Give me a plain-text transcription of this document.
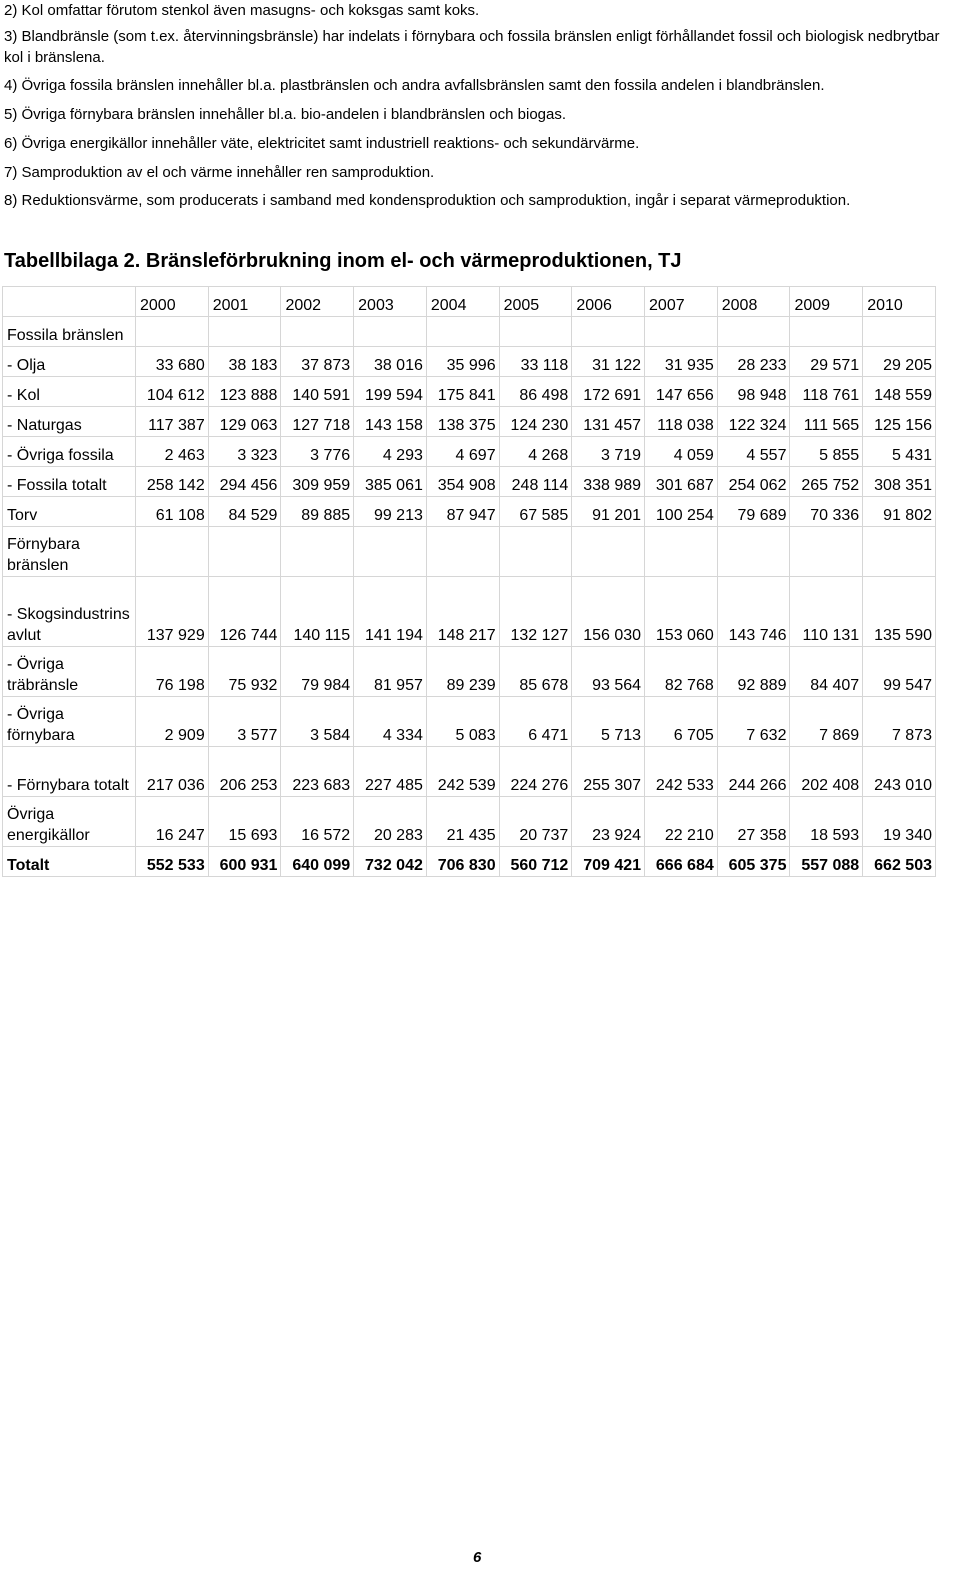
2) Kol omfattar förutom stenkol även masugns- och koksgas samt koks.

3) Blandbränsle (som t.ex. återvinningsbränsle) har indelats i förnybara och fossila bränslen enligt förhållandet fossil och biologisk nedbrytbar kol i bränslena.

4) Övriga fossila bränslen innehåller bl.a. plastbränslen och andra avfallsbränslen samt den fossila andelen i blandbränslen.

5) Övriga förnybara bränslen innehåller bl.a. bio-andelen i blandbränslen och biogas.

6) Övriga energikällor innehåller väte, elektricitet samt industriell reaktions- och sekundärvärme.

7) Samproduktion av el och värme innehåller ren samproduktion.

8) Reduktionsvärme, som producerats i samband med kondensproduktion och samproduktion, ingår i separat värmeproduktion.

Tabellbilaga 2. Bränsleförbrukning inom el- och värmeproduktionen, TJ
	2000	2001	2002	2003	2004	2005	2006	2007	2008	2009	2010
Fossila bränslen											
- Olja	33 680	38 183	37 873	38 016	35 996	33 118	31 122	31 935	28 233	29 571	29 205
- Kol	104 612	123 888	140 591	199 594	175 841	86 498	172 691	147 656	98 948	118 761	148 559
- Naturgas	117 387	129 063	127 718	143 158	138 375	124 230	131 457	118 038	122 324	111 565	125 156
- Övriga fossila	2 463	3 323	3 776	4 293	4 697	4 268	3 719	4 059	4 557	5 855	5 431
- Fossila totalt	258 142	294 456	309 959	385 061	354 908	248 114	338 989	301 687	254 062	265 752	308 351
Torv	61 108	84 529	89 885	99 213	87 947	67 585	91 201	100 254	79 689	70 336	91 802
Förnybara bränslen											
- Skogsindustrins avlut	137 929	126 744	140 115	141 194	148 217	132 127	156 030	153 060	143 746	110 131	135 590
- Övriga träbränsle	76 198	75 932	79 984	81 957	89 239	85 678	93 564	82 768	92 889	84 407	99 547
- Övriga förnybara	2 909	3 577	3 584	4 334	5 083	6 471	5 713	6 705	7 632	7 869	7 873
- Förnybara totalt	217 036	206 253	223 683	227 485	242 539	224 276	255 307	242 533	244 266	202 408	243 010
Övriga energikällor	16 247	15 693	16 572	20 283	21 435	20 737	23 924	22 210	27 358	18 593	19 340
Totalt	552 533	600 931	640 099	732 042	706 830	560 712	709 421	666 684	605 375	557 088	662 503
6
